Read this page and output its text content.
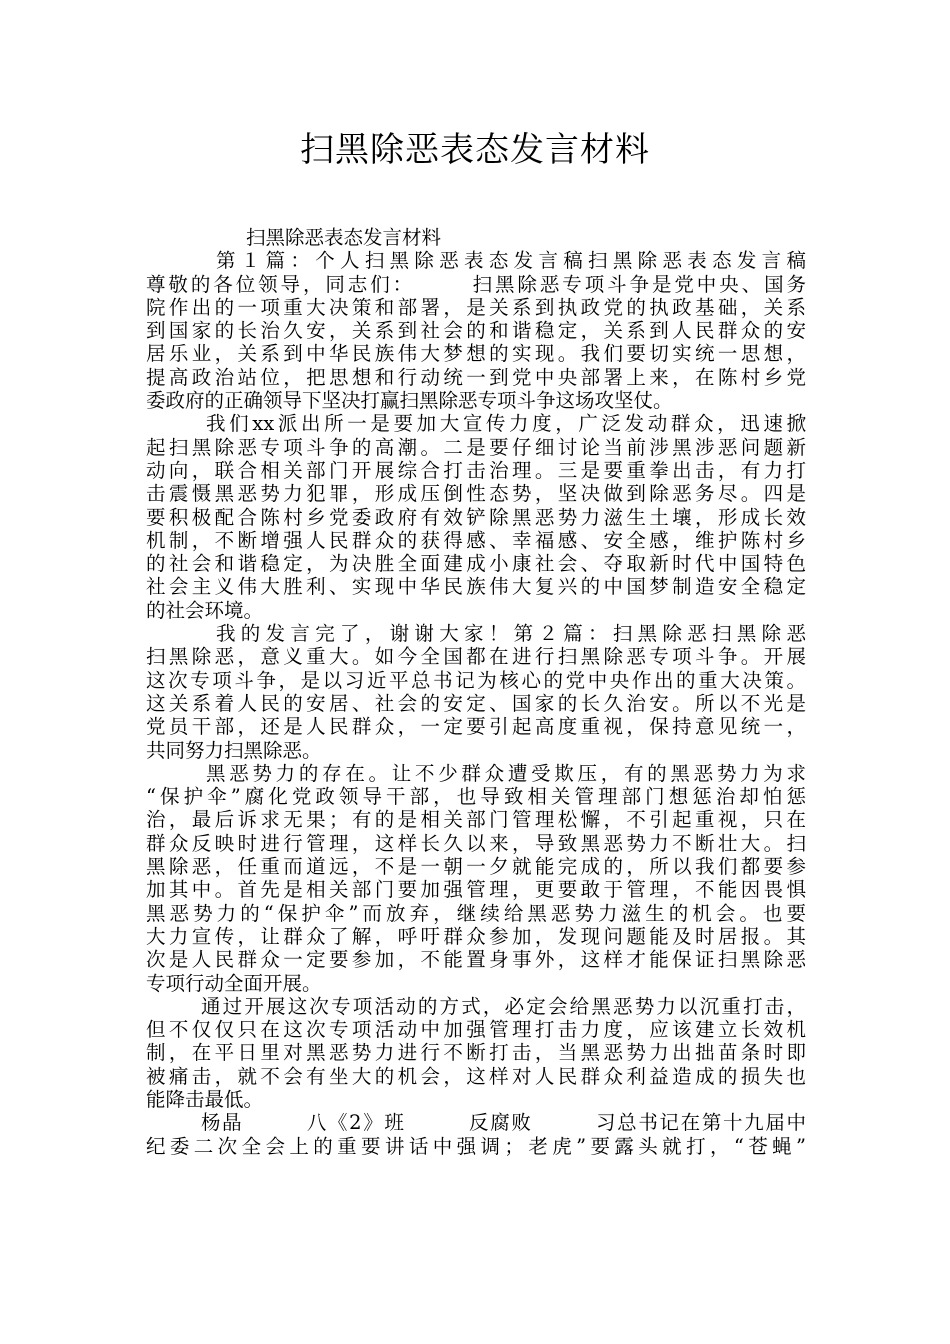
扫黑除恶表态发言材料
扫黑除恶表态发言材料
第１篇：个人扫黑除恶表态发言稿扫黑除恶表态发言稿
尊敬的各位领导，同志们：　　　扫黑除恶专项斗争是党中央、国务
院作出的一项重大决策和部署，是关系到执政党的执政基础，关系
到国家的长治久安，关系到社会的和谐稳定，关系到人民群众的安
居乐业，关系到中华民族伟大梦想的实现。我们要切实统一思想，
提高政治站位，把思想和行动统一到党中央部署上来，在陈村乡党
委政府的正确领导下坚决打赢扫黑除恶专项斗争这场攻坚仗。
我们xx派出所一是要加大宣传力度，广泛发动群众，迅速掀
起扫黑除恶专项斗争的高潮。二是要仔细讨论当前涉黑涉恶问题新
动向，联合相关部门开展综合打击治理。三是要重拳出击，有力打
击震慑黑恶势力犯罪，形成压倒性态势，坚决做到除恶务尽。四是
要积极配合陈村乡党委政府有效铲除黑恶势力滋生土壤，形成长效
机制，不断增强人民群众的获得感、幸福感、安全感，维护陈村乡
的社会和谐稳定，为决胜全面建成小康社会、夺取新时代中国特色
社会主义伟大胜利、实现中华民族伟大复兴的中国梦制造安全稳定
的社会环境。
我的发言完了，谢谢大家！第２篇：扫黑除恶扫黑除恶
扫黑除恶，意义重大。如今全国都在进行扫黑除恶专项斗争。开展
这次专项斗争，是以习近平总书记为核心的党中央作出的重大决策。
这关系着人民的安居、社会的安定、国家的长久治安。所以不光是
党员干部，还是人民群众，一定要引起高度重视，保持意见统一，
共同努力扫黑除恶。
黑恶势力的存在。让不少群众遭受欺压，有的黑恶势力为求
“保护伞”腐化党政领导干部，也导致相关管理部门想惩治却怕惩
治，最后诉求无果；有的是相关部门管理松懈，不引起重视，只在
群众反映时进行管理，这样长久以来，导致黑恶势力不断壮大。扫
黑除恶，任重而道远，不是一朝一夕就能完成的，所以我们都要参
加其中。首先是相关部门要加强管理，更要敢于管理，不能因畏惧
黑恶势力的“保护伞”而放弃，继续给黑恶势力滋生的机会。也要
大力宣传，让群众了解，呼吁群众参加，发现问题能及时居报。其
次是人民群众一定要参加，不能置身事外，这样才能保证扫黑除恶
专项行动全面开展。
通过开展这次专项活动的方式，必定会给黑恶势力以沉重打击，
但不仅仅只在这次专项活动中加强管理打击力度，应该建立长效机
制，在平日里对黑恶势力进行不断打击，当黑恶势力出拙苗条时即
被痛击，就不会有坐大的机会，这样对人民群众利益造成的损失也
能降击最低。
杨晶　　　八《2》班　　　反腐败　　　习总书记在第十九届中
纪委二次全会上的重要讲话中强调；老虎”要露头就打，“苍蝇”
